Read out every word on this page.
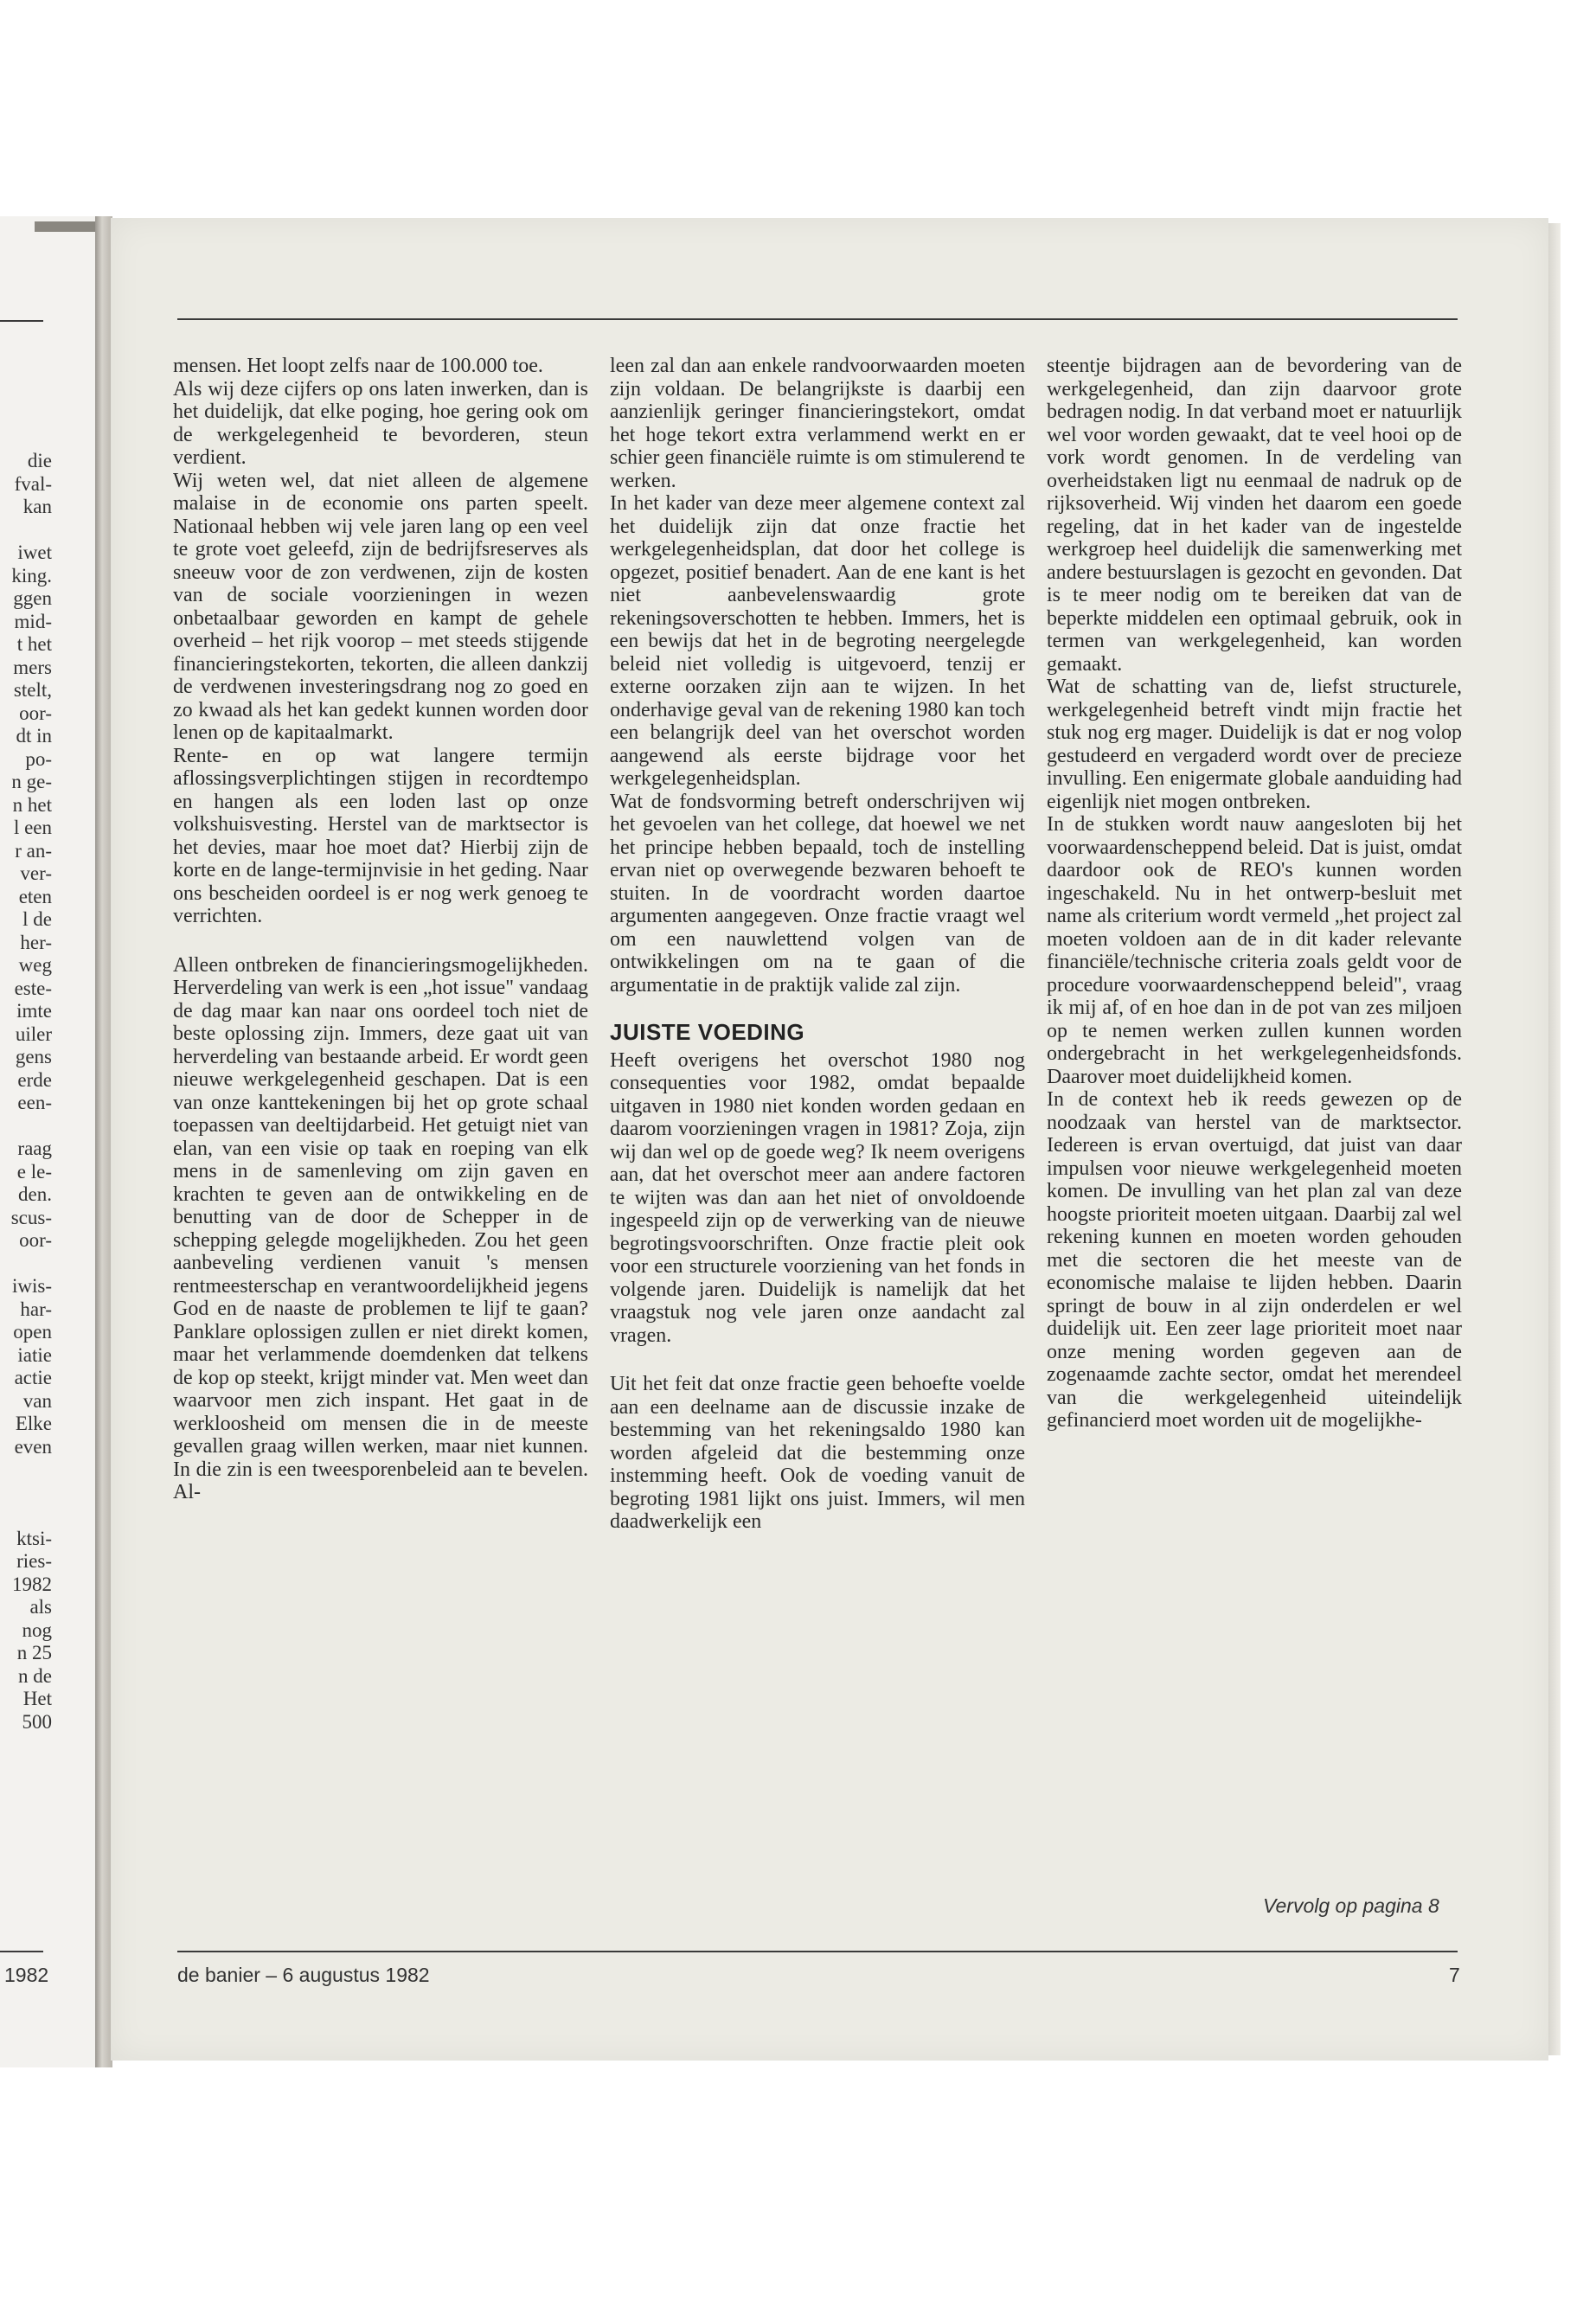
die
fval-
kan

iwet
king.
ggen
mid-
t het
mers
stelt,
oor-
dt in
po-
n ge-
n het
l een
r an-
ver-
eten
l de
her-
weg
este-
imte
uiler
gens
erde
een-

raag
e le-
den.
scus-
oor-

iwis-
har-
open
iatie
actie
van
Elke
even

ktsi-
ries-
1982
als
nog
n 25
n de
Het
500
1982

mensen. Het loopt zelfs naar de 100.000 toe.

Als wij deze cijfers op ons laten inwerken, dan is het duidelijk, dat elke poging, hoe gering ook om de werkgelegenheid te bevorderen, steun verdient.

Wij weten wel, dat niet alleen de algemene malaise in de economie ons parten speelt. Nationaal hebben wij vele jaren lang op een veel te grote voet geleefd, zijn de bedrijfsreserves als sneeuw voor de zon verdwenen, zijn de kosten van de sociale voorzieningen in wezen onbetaalbaar geworden en kampt de gehele overheid – het rijk voorop – met steeds stijgende financieringstekorten, tekorten, die alleen dankzij de verdwenen investeringsdrang nog zo goed en zo kwaad als het kan gedekt kunnen worden door lenen op de kapitaalmarkt.

Rente- en op wat langere termijn aflossingsverplichtingen stijgen in recordtempo en hangen als een loden last op onze volkshuisvesting. Herstel van de marktsector is het devies, maar hoe moet dat? Hierbij zijn de korte en de lange-termijnvisie in het geding. Naar ons bescheiden oordeel is er nog werk genoeg te verrichten.

Alleen ontbreken de financieringsmogelijkheden. Herverdeling van werk is een „hot issue" vandaag de dag maar kan naar ons oordeel toch niet de beste oplossing zijn. Immers, deze gaat uit van herverdeling van bestaande arbeid. Er wordt geen nieuwe werkgelegenheid geschapen. Dat is een van onze kanttekeningen bij het op grote schaal toepassen van deeltijdarbeid. Het getuigt niet van elan, van een visie op taak en roeping van elk mens in de samenleving om zijn gaven en krachten te geven aan de ontwikkeling en de benutting van de door de Schepper in de schepping gelegde mogelijkheden. Zou het geen aanbeveling verdienen vanuit 's mensen rentmeesterschap en verantwoordelijkheid jegens God en de naaste de problemen te lijf te gaan? Panklare oplossigen zullen er niet direkt komen, maar het verlammende doemdenken dat telkens de kop op steekt, krijgt minder vat. Men weet dan waarvoor men zich inspant. Het gaat in de werkloosheid om mensen die in de meeste gevallen graag willen werken, maar niet kunnen. In die zin is een tweesporenbeleid aan te bevelen. Al-

leen zal dan aan enkele randvoorwaarden moeten zijn voldaan. De belangrijkste is daarbij een aanzienlijk geringer financieringstekort, omdat het hoge tekort extra verlammend werkt en er schier geen financiële ruimte is om stimulerend te werken.

In het kader van deze meer algemene context zal het duidelijk zijn dat onze fractie het werkgelegenheidsplan, dat door het college is opgezet, positief benadert. Aan de ene kant is het niet aanbevelenswaardig grote rekeningsoverschotten te hebben. Immers, het is een bewijs dat het in de begroting neergelegde beleid niet volledig is uitgevoerd, tenzij er externe oorzaken zijn aan te wijzen. In het onderhavige geval van de rekening 1980 kan toch een belangrijk deel van het overschot worden aangewend als eerste bijdrage voor het werkgelegenheidsplan.

Wat de fondsvorming betreft onderschrijven wij het gevoelen van het college, dat hoewel we net het principe hebben bepaald, toch de instelling ervan niet op overwegende bezwaren behoeft te stuiten. In de voordracht worden daartoe argumenten aangegeven. Onze fractie vraagt wel om een nauwlettend volgen van de ontwikkelingen om na te gaan of die argumentatie in de praktijk valide zal zijn.

JUISTE VOEDING

Heeft overigens het overschot 1980 nog consequenties voor 1982, omdat bepaalde uitgaven in 1980 niet konden worden gedaan en daarom voorzieningen vragen in 1981? Zoja, zijn wij dan wel op de goede weg? Ik neem overigens aan, dat het overschot meer aan andere factoren te wijten was dan aan het niet of onvoldoende ingespeeld zijn op de verwerking van de nieuwe begrotingsvoorschriften. Onze fractie pleit ook voor een structurele voorziening van het fonds in volgende jaren. Duidelijk is namelijk dat het vraagstuk nog vele jaren onze aandacht zal vragen.

Uit het feit dat onze fractie geen behoefte voelde aan een deelname aan de discussie inzake de bestemming van het rekeningsaldo 1980 kan worden afgeleid dat die bestemming onze instemming heeft. Ook de voeding vanuit de begroting 1981 lijkt ons juist. Immers, wil men daadwerkelijk een

steentje bijdragen aan de bevordering van de werkgelegenheid, dan zijn daarvoor grote bedragen nodig. In dat verband moet er natuurlijk wel voor worden gewaakt, dat te veel hooi op de vork wordt genomen. In de verdeling van overheidstaken ligt nu eenmaal de nadruk op de rijksoverheid. Wij vinden het daarom een goede regeling, dat in het kader van de ingestelde werkgroep heel duidelijk die samenwerking met andere bestuurslagen is gezocht en gevonden. Dat is te meer nodig om te bereiken dat van de beperkte middelen een optimaal gebruik, ook in termen van werkgelegenheid, kan worden gemaakt.

Wat de schatting van de, liefst structurele, werkgelegenheid betreft vindt mijn fractie het stuk nog erg mager. Duidelijk is dat er nog volop gestudeerd en vergaderd wordt over de precieze invulling. Een enigermate globale aanduiding had eigenlijk niet mogen ontbreken.

In de stukken wordt nauw aangesloten bij het voorwaardenscheppend beleid. Dat is juist, omdat daardoor ook de REO's kunnen worden ingeschakeld. Nu in het ontwerp-besluit met name als criterium wordt vermeld „het project zal moeten voldoen aan de in dit kader relevante financiële/technische criteria zoals geldt voor de procedure voorwaardenscheppend beleid", vraag ik mij af, of en hoe dan in de pot van zes miljoen op te nemen werken zullen kunnen worden ondergebracht in het werkgelegenheidsfonds. Daarover moet duidelijkheid komen.

In de context heb ik reeds gewezen op de noodzaak van herstel van de marktsector. Iedereen is ervan overtuigd, dat juist van daar impulsen voor nieuwe werkgelegenheid moeten komen. De invulling van het plan zal van deze hoogste prioriteit moeten uitgaan. Daarbij zal wel rekening kunnen en moeten worden gehouden met die sectoren die het meeste van de economische malaise te lijden hebben. Daarin springt de bouw in al zijn onderdelen er wel duidelijk uit. Een zeer lage prioriteit moet naar onze mening worden gegeven aan de zogenaamde zachte sector, omdat het merendeel van die werkgelegenheid uiteindelijk gefinancierd moet worden uit de mogelijkhe-

Vervolg op pagina 8
de banier – 6 augustus 1982	7
